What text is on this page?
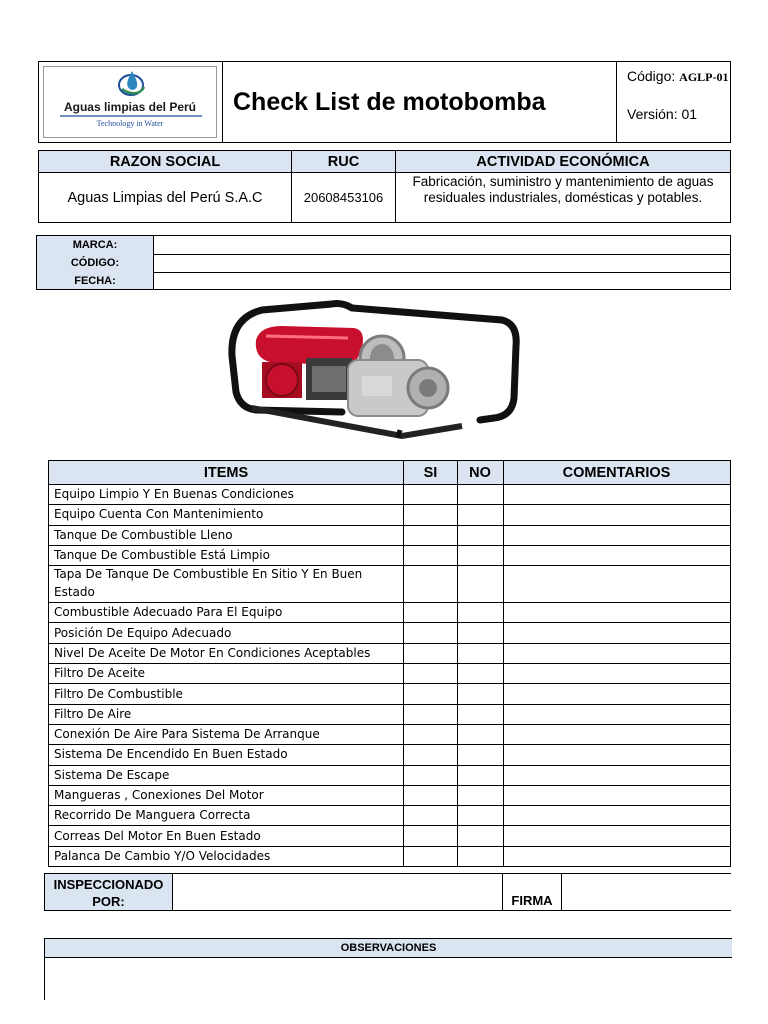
Aguas limpias del Perú
Technology in Water
Check List de motobomba
Código: AGLP-01
Versión: 01
RAZON SOCIAL	RUC	ACTIVIDAD ECONÓMICA
Aguas Limpias del Perú S.A.C	20608453106
Fabricación, suministro y mantenimiento de aguas residuales industriales, domésticas y potables.
MARCA:
CÓDIGO:
FECHA:
ITEMS	SI	NO	COMENTARIOS
Equipo Limpio Y En Buenas Condiciones
Equipo Cuenta Con Mantenimiento
Tanque De Combustible Lleno
Tanque De Combustible Está Limpio
Tapa De Tanque De Combustible En Sitio Y En Buen Estado
Combustible Adecuado Para El Equipo
Posición De Equipo Adecuado
Nivel De Aceite De Motor En Condiciones Aceptables
Filtro De Aceite
Filtro De Combustible
Filtro De Aire
Conexión De Aire Para Sistema De Arranque
Sistema De Encendido En Buen Estado
Sistema De Escape
Mangueras , Conexiones Del Motor
Recorrido De Manguera Correcta
Correas Del Motor En Buen Estado
Palanca De Cambio Y/O Velocidades
INSPECCIONADO
POR:	FIRMA
OBSERVACIONES
